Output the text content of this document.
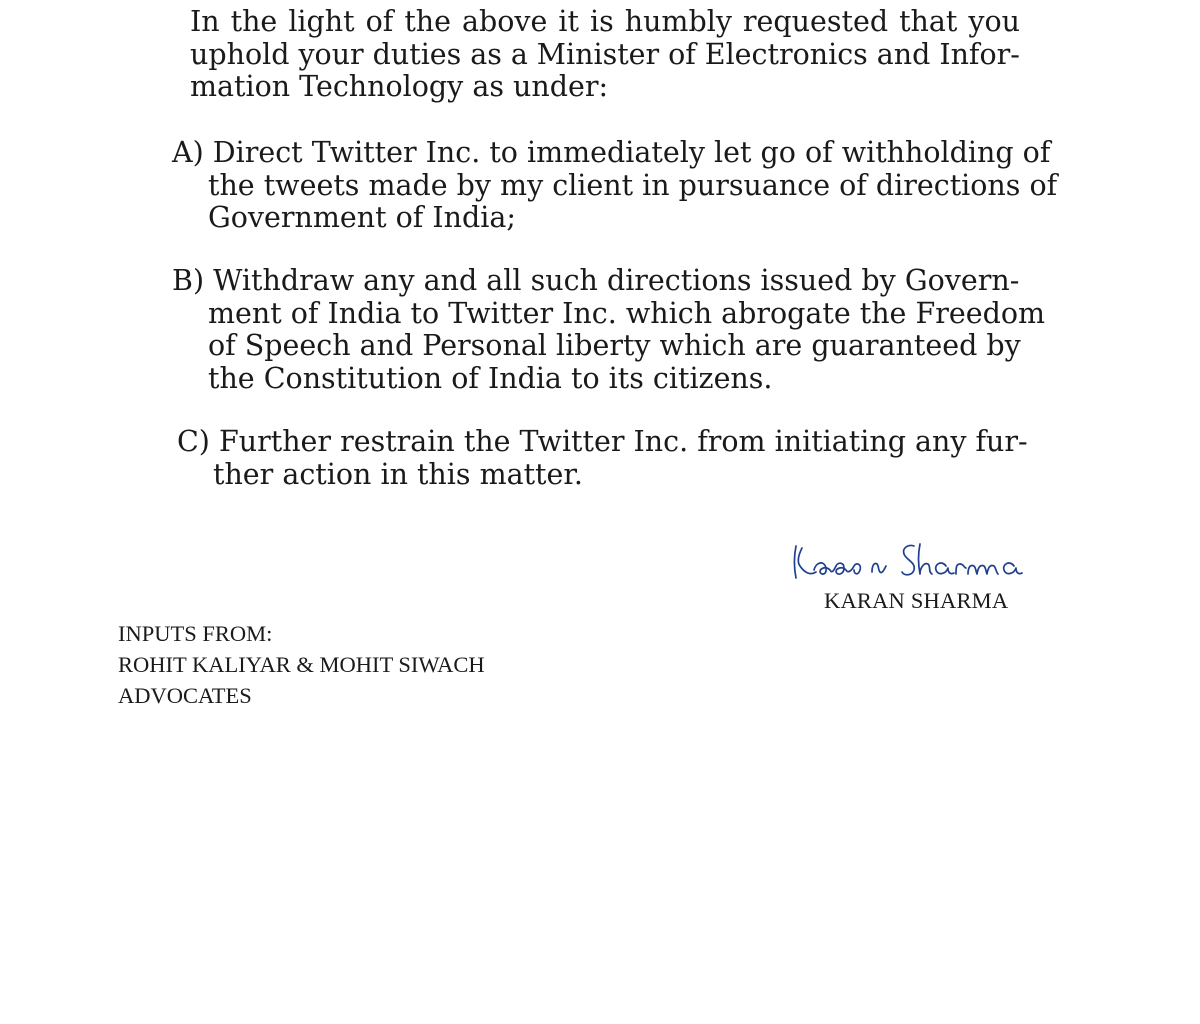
In the light of the above it is humbly requested that you
uphold your duties as a Minister of Electronics and Infor-
mation Technology as under:
A) Direct Twitter Inc. to immediately let go of withholding of
the tweets made by my client in pursuance of directions of
Government of India;
B) Withdraw any and all such directions issued by Govern-
ment of India to Twitter Inc. which abrogate the Freedom
of Speech and Personal liberty which are guaranteed by
the Constitution of India to its citizens.
C) Further restrain the Twitter Inc. from initiating any fur-
ther action in this matter.
KARAN SHARMA
INPUTS FROM:
ROHIT KALIYAR & MOHIT SIWACH
ADVOCATES
